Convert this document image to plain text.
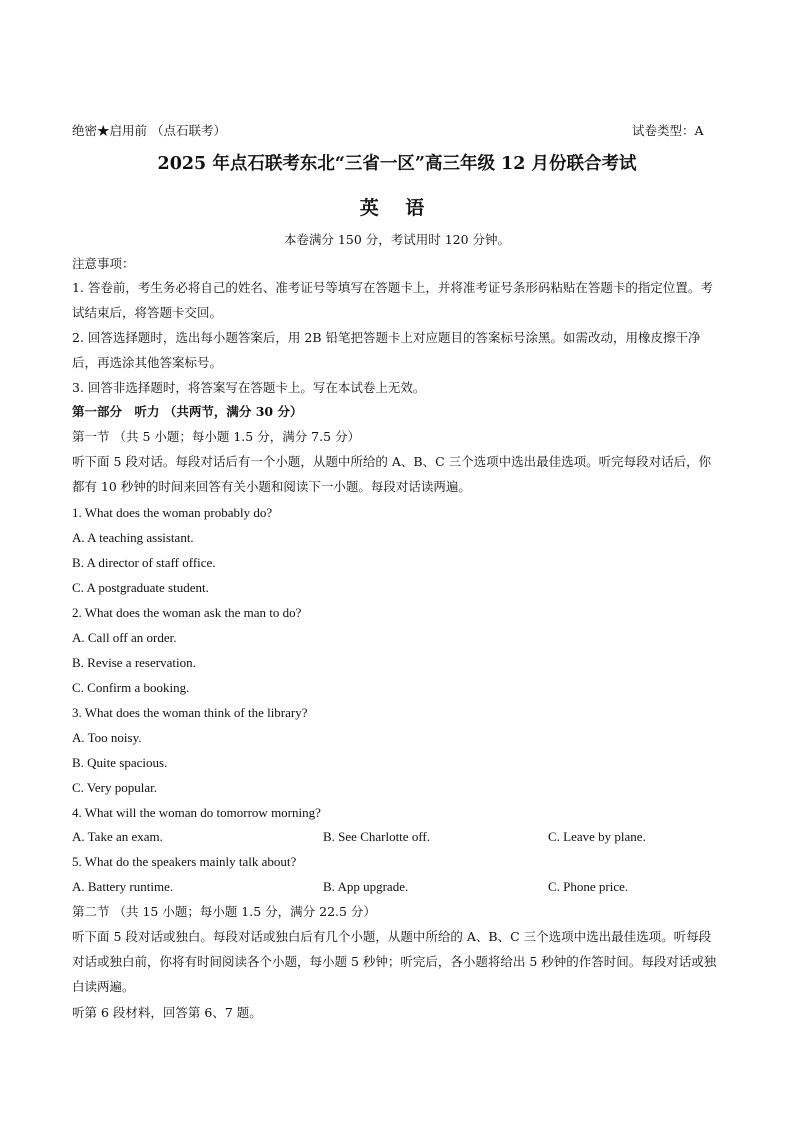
绝密★启用前 （点石联考）	试卷类型：A
2025 年点石联考东北“三省一区”高三年级 12 月份联合考试
英 语
本卷满分 150 分，考试用时 120 分钟。
注意事项：
1. 答卷前，考生务必将自己的姓名、准考证号等填写在答题卡上，并将准考证号条形码粘贴在答题卡的指定位置。考试结束后，将答题卡交回。
2. 回答选择题时，选出每小题答案后，用 2B 铅笔把答题卡上对应题目的答案标号涂黑。如需改动，用橡皮擦干净后，再选涂其他答案标号。
3. 回答非选择题时，将答案写在答题卡上。写在本试卷上无效。
第一部分　听力 （共两节，满分 30 分）
第一节 （共 5 小题；每小题 1.5 分，满分 7.5 分）
听下面 5 段对话。每段对话后有一个小题，从题中所给的 A、B、C 三个选项中选出最佳选项。听完每段对话后，你都有 10 秒钟的时间来回答有关小题和阅读下一小题。每段对话读两遍。
1. What does the woman probably do?
A. A teaching assistant.
B. A director of staff office.
C. A postgraduate student.
2. What does the woman ask the man to do?
A. Call off an order.
B. Revise a reservation.
C. Confirm a booking.
3. What does the woman think of the library?
A. Too noisy.
B. Quite spacious.
C. Very popular.
4. What will the woman do tomorrow morning?
A. Take an exam.	B. See Charlotte off.	C. Leave by plane.
5. What do the speakers mainly talk about?
A. Battery runtime.	B. App upgrade.	C. Phone price.
第二节 （共 15 小题；每小题 1.5 分，满分 22.5 分）
听下面 5 段对话或独白。每段对话或独白后有几个小题，从题中所给的 A、B、C 三个选项中选出最佳选项。听每段对话或独白前，你将有时间阅读各个小题，每小题 5 秒钟；听完后，各小题将给出 5 秒钟的作答时间。每段对话或独白读两遍。
听第 6 段材料，回答第 6、7 题。
